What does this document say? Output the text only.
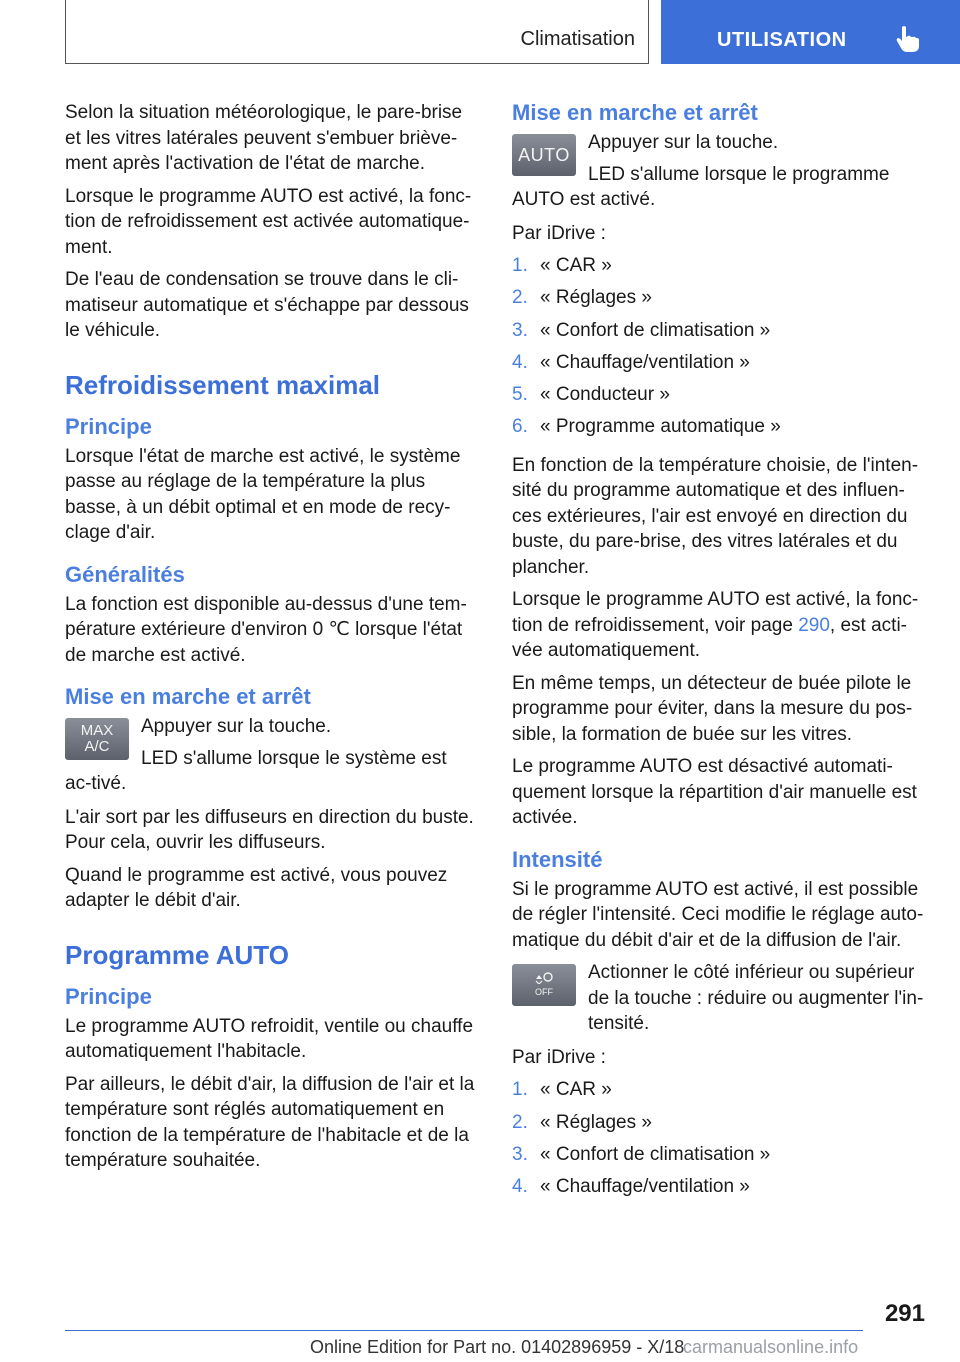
Climatisation	UTILISATION

Selon la situation météorologique, le pare-brise et les vitres latérales peuvent s'embuer briève-ment après l'activation de l'état de marche.

Lorsque le programme AUTO est activé, la fonc-tion de refroidissement est activée automatique-ment.

De l'eau de condensation se trouve dans le cli-matiseur automatique et s'échappe par dessous le véhicule.

Refroidissement maximal
Principe

Lorsque l'état de marche est activé, le système passe au réglage de la température la plus basse, à un débit optimal et en mode de recy-clage d'air.

Généralités

La fonction est disponible au-dessus d'une tem-pérature extérieure d'environ 0 ℃ lorsque l'état de marche est activé.

Mise en marche et arrêt
MAX
A/C

Appuyer sur la touche.

LED s'allume lorsque le système est ac-tivé.

L'air sort par les diffuseurs en direction du buste. Pour cela, ouvrir les diffuseurs.

Quand le programme est activé, vous pouvez adapter le débit d'air.

Programme AUTO
Principe

Le programme AUTO refroidit, ventile ou chauffe automatiquement l'habitacle.

Par ailleurs, le débit d'air, la diffusion de l'air et la température sont réglés automatiquement en fonction de la température de l'habitacle et de la température souhaitée.

Mise en marche et arrêt
AUTO

Appuyer sur la touche.

LED s'allume lorsque le programme AUTO est activé.

Par iDrive :

1. « CAR »
2. « Réglages »
3. « Confort de climatisation »
4. « Chauffage/ventilation »
5. « Conducteur »
6. « Programme automatique »

En fonction de la température choisie, de l'inten-sité du programme automatique et des influen-ces extérieures, l'air est envoyé en direction du buste, du pare-brise, des vitres latérales et du plancher.

Lorsque le programme AUTO est activé, la fonc-tion de refroidissement, voir page 290, est acti-vée automatiquement.

En même temps, un détecteur de buée pilote le programme pour éviter, dans la mesure du pos-sible, la formation de buée sur les vitres.

Le programme AUTO est désactivé automati-quement lorsque la répartition d'air manuelle est activée.

Intensité

Si le programme AUTO est activé, il est possible de régler l'intensité. Ceci modifie le réglage auto-matique du débit d'air et de la diffusion de l'air.

OFF

Actionner le côté inférieur ou supérieur de la touche : réduire ou augmenter l'in-tensité.

Par iDrive :

1. « CAR »
2. « Réglages »
3. « Confort de climatisation »
4. « Chauffage/ventilation »
291
Online Edition for Part no. 01402896959 - X/18
carmanualsonline.info
